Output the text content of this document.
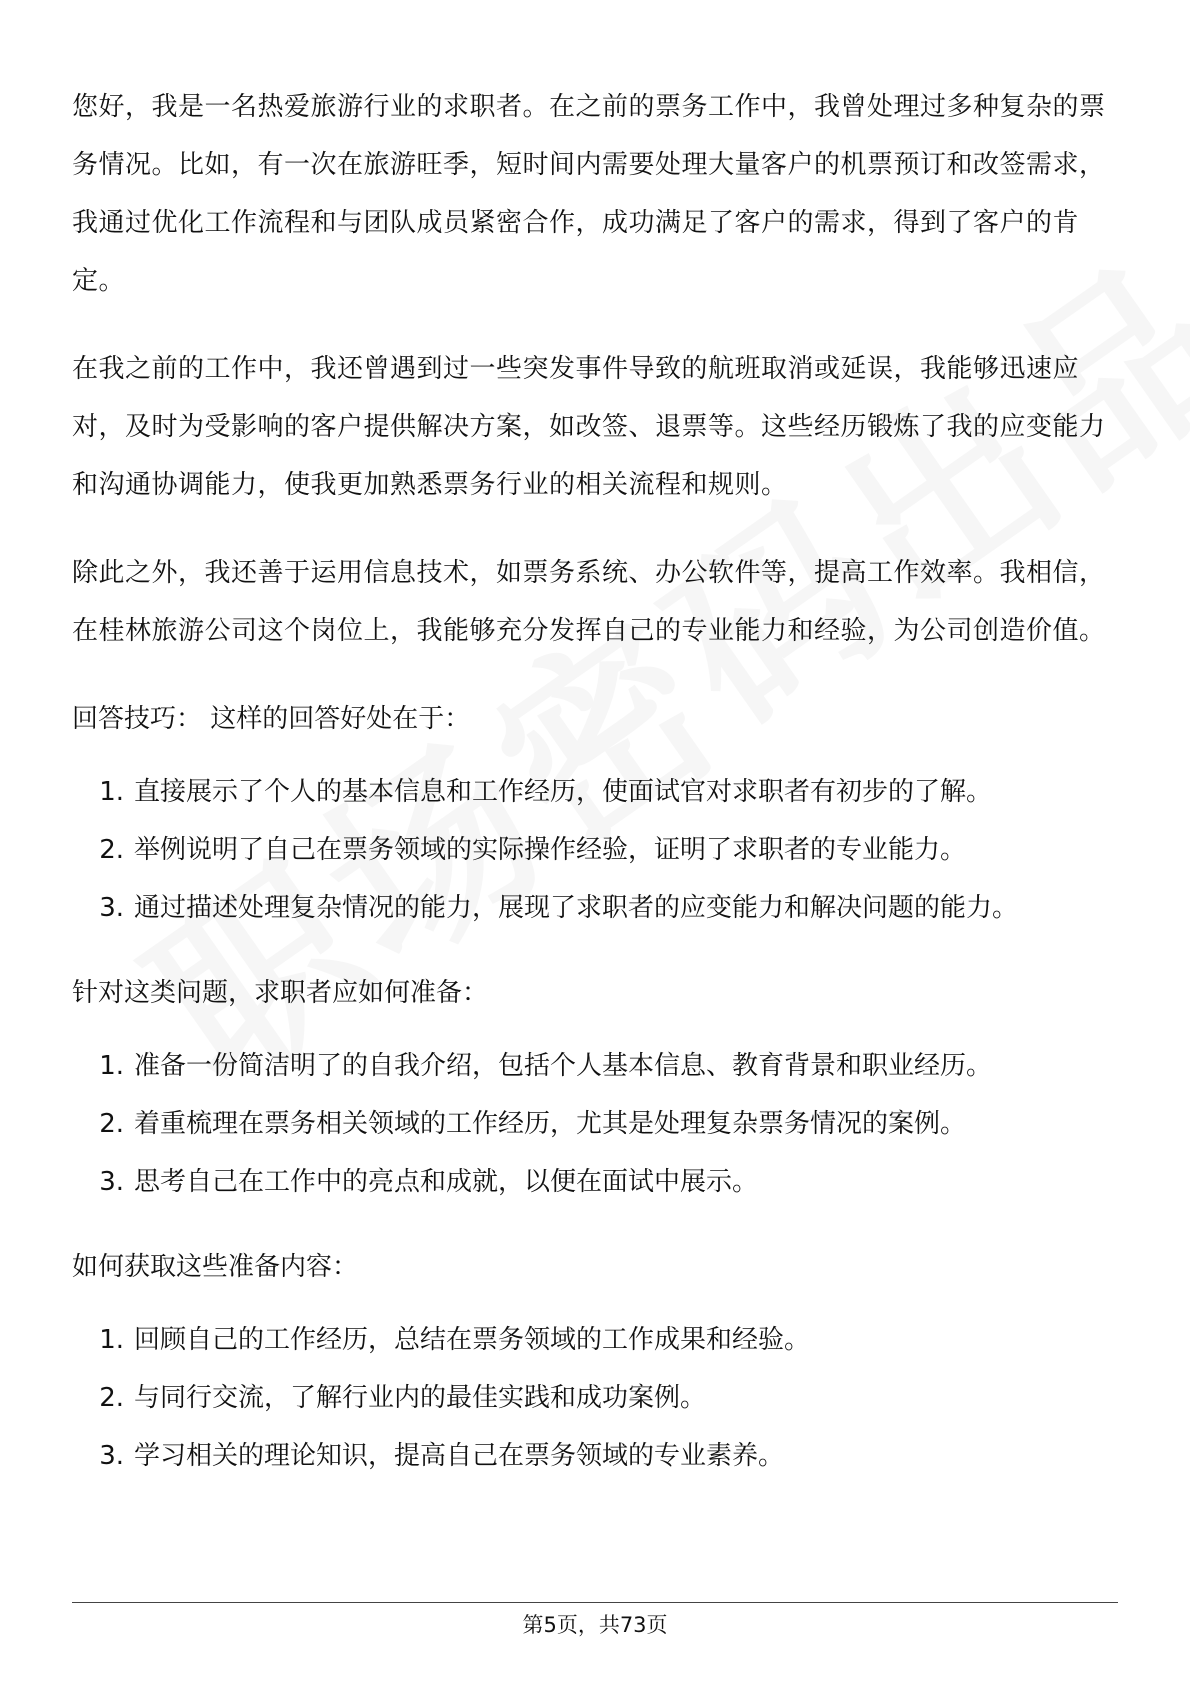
您好，我是一名热爱旅游行业的求职者。在之前的票务工作中，我曾处理过多种复杂的票务情况。比如，有一次在旅游旺季，短时间内需要处理大量客户的机票预订和改签需求，我通过优化工作流程和与团队成员紧密合作，成功满足了客户的需求，得到了客户的肯定。

在我之前的工作中，我还曾遇到过一些突发事件导致的航班取消或延误，我能够迅速应对，及时为受影响的客户提供解决方案，如改签、退票等。这些经历锻炼了我的应变能力和沟通协调能力，使我更加熟悉票务行业的相关流程和规则。

除此之外，我还善于运用信息技术，如票务系统、办公软件等，提高工作效率。我相信，在桂林旅游公司这个岗位上，我能够充分发挥自己的专业能力和经验，为公司创造价值。

回答技巧： 这样的回答好处在于：
1. 直接展示了个人的基本信息和工作经历，使面试官对求职者有初步的了解。
2. 举例说明了自己在票务领域的实际操作经验，证明了求职者的专业能力。
3. 通过描述处理复杂情况的能力，展现了求职者的应变能力和解决问题的能力。
针对这类问题，求职者应如何准备：
1. 准备一份简洁明了的自我介绍，包括个人基本信息、教育背景和职业经历。
2. 着重梳理在票务相关领域的工作经历，尤其是处理复杂票务情况的案例。
3. 思考自己在工作中的亮点和成就，以便在面试中展示。
如何获取这些准备内容：
1. 回顾自己的工作经历，总结在票务领域的工作成果和经验。
2. 与同行交流，了解行业内的最佳实践和成功案例。
3. 学习相关的理论知识，提高自己在票务领域的专业素养。
第5页，共73页
